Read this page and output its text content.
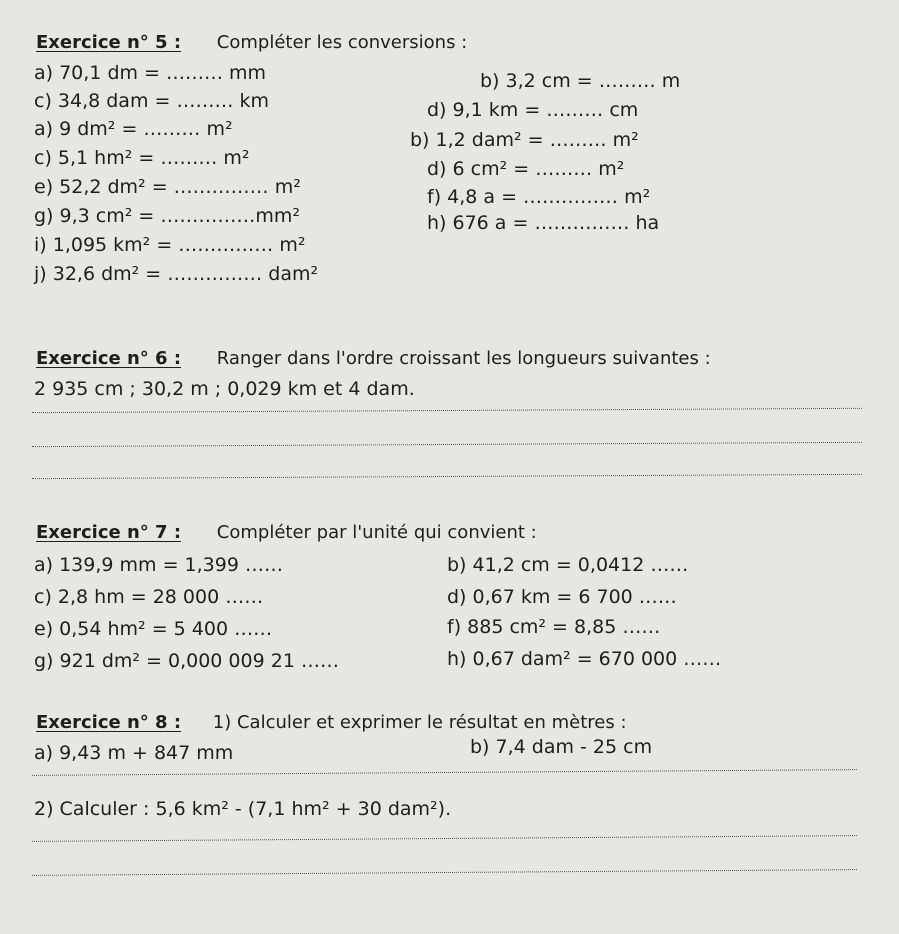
Exercice n° 5 : Compléter les conversions :
a) 70,1 dm = ……… mm	b) 3,2 cm = ……… m
c) 34,8 dam = ……… km	d) 9,1 km = ……… cm
a) 9 dm² = ……… m²	b) 1,2 dam² = ……… m²
c) 5,1 hm² = ……… m²	d) 6 cm² = ……… m²
e) 52,2 dm² = …………… m²	f) 4,8 a = …………… m²
g) 9,3 cm² = ……………mm²	h) 676 a = …………… ha
i) 1,095 km² = …………… m²
j) 32,6 dm² = …………… dam²
Exercice n° 6 : Ranger dans l'ordre croissant les longueurs suivantes :
2 935 cm ; 30,2 m ; 0,029 km et 4 dam.
Exercice n° 7 : Compléter par l'unité qui convient :
a) 139,9 mm = 1,399 ……	b) 41,2 cm = 0,0412 ……
c) 2,8 hm = 28 000 ……	d) 0,67 km = 6 700 ……
e) 0,54 hm² = 5 400 ……	f) 885 cm² = 8,85 ……
g) 921 dm² = 0,000 009 21 ……	h) 0,67 dam² = 670 000 ……
Exercice n° 8 : 1) Calculer et exprimer le résultat en mètres :
a) 9,43 m + 847 mm	b) 7,4 dam - 25 cm
2) Calculer : 5,6 km² - (7,1 hm² + 30 dam²).
